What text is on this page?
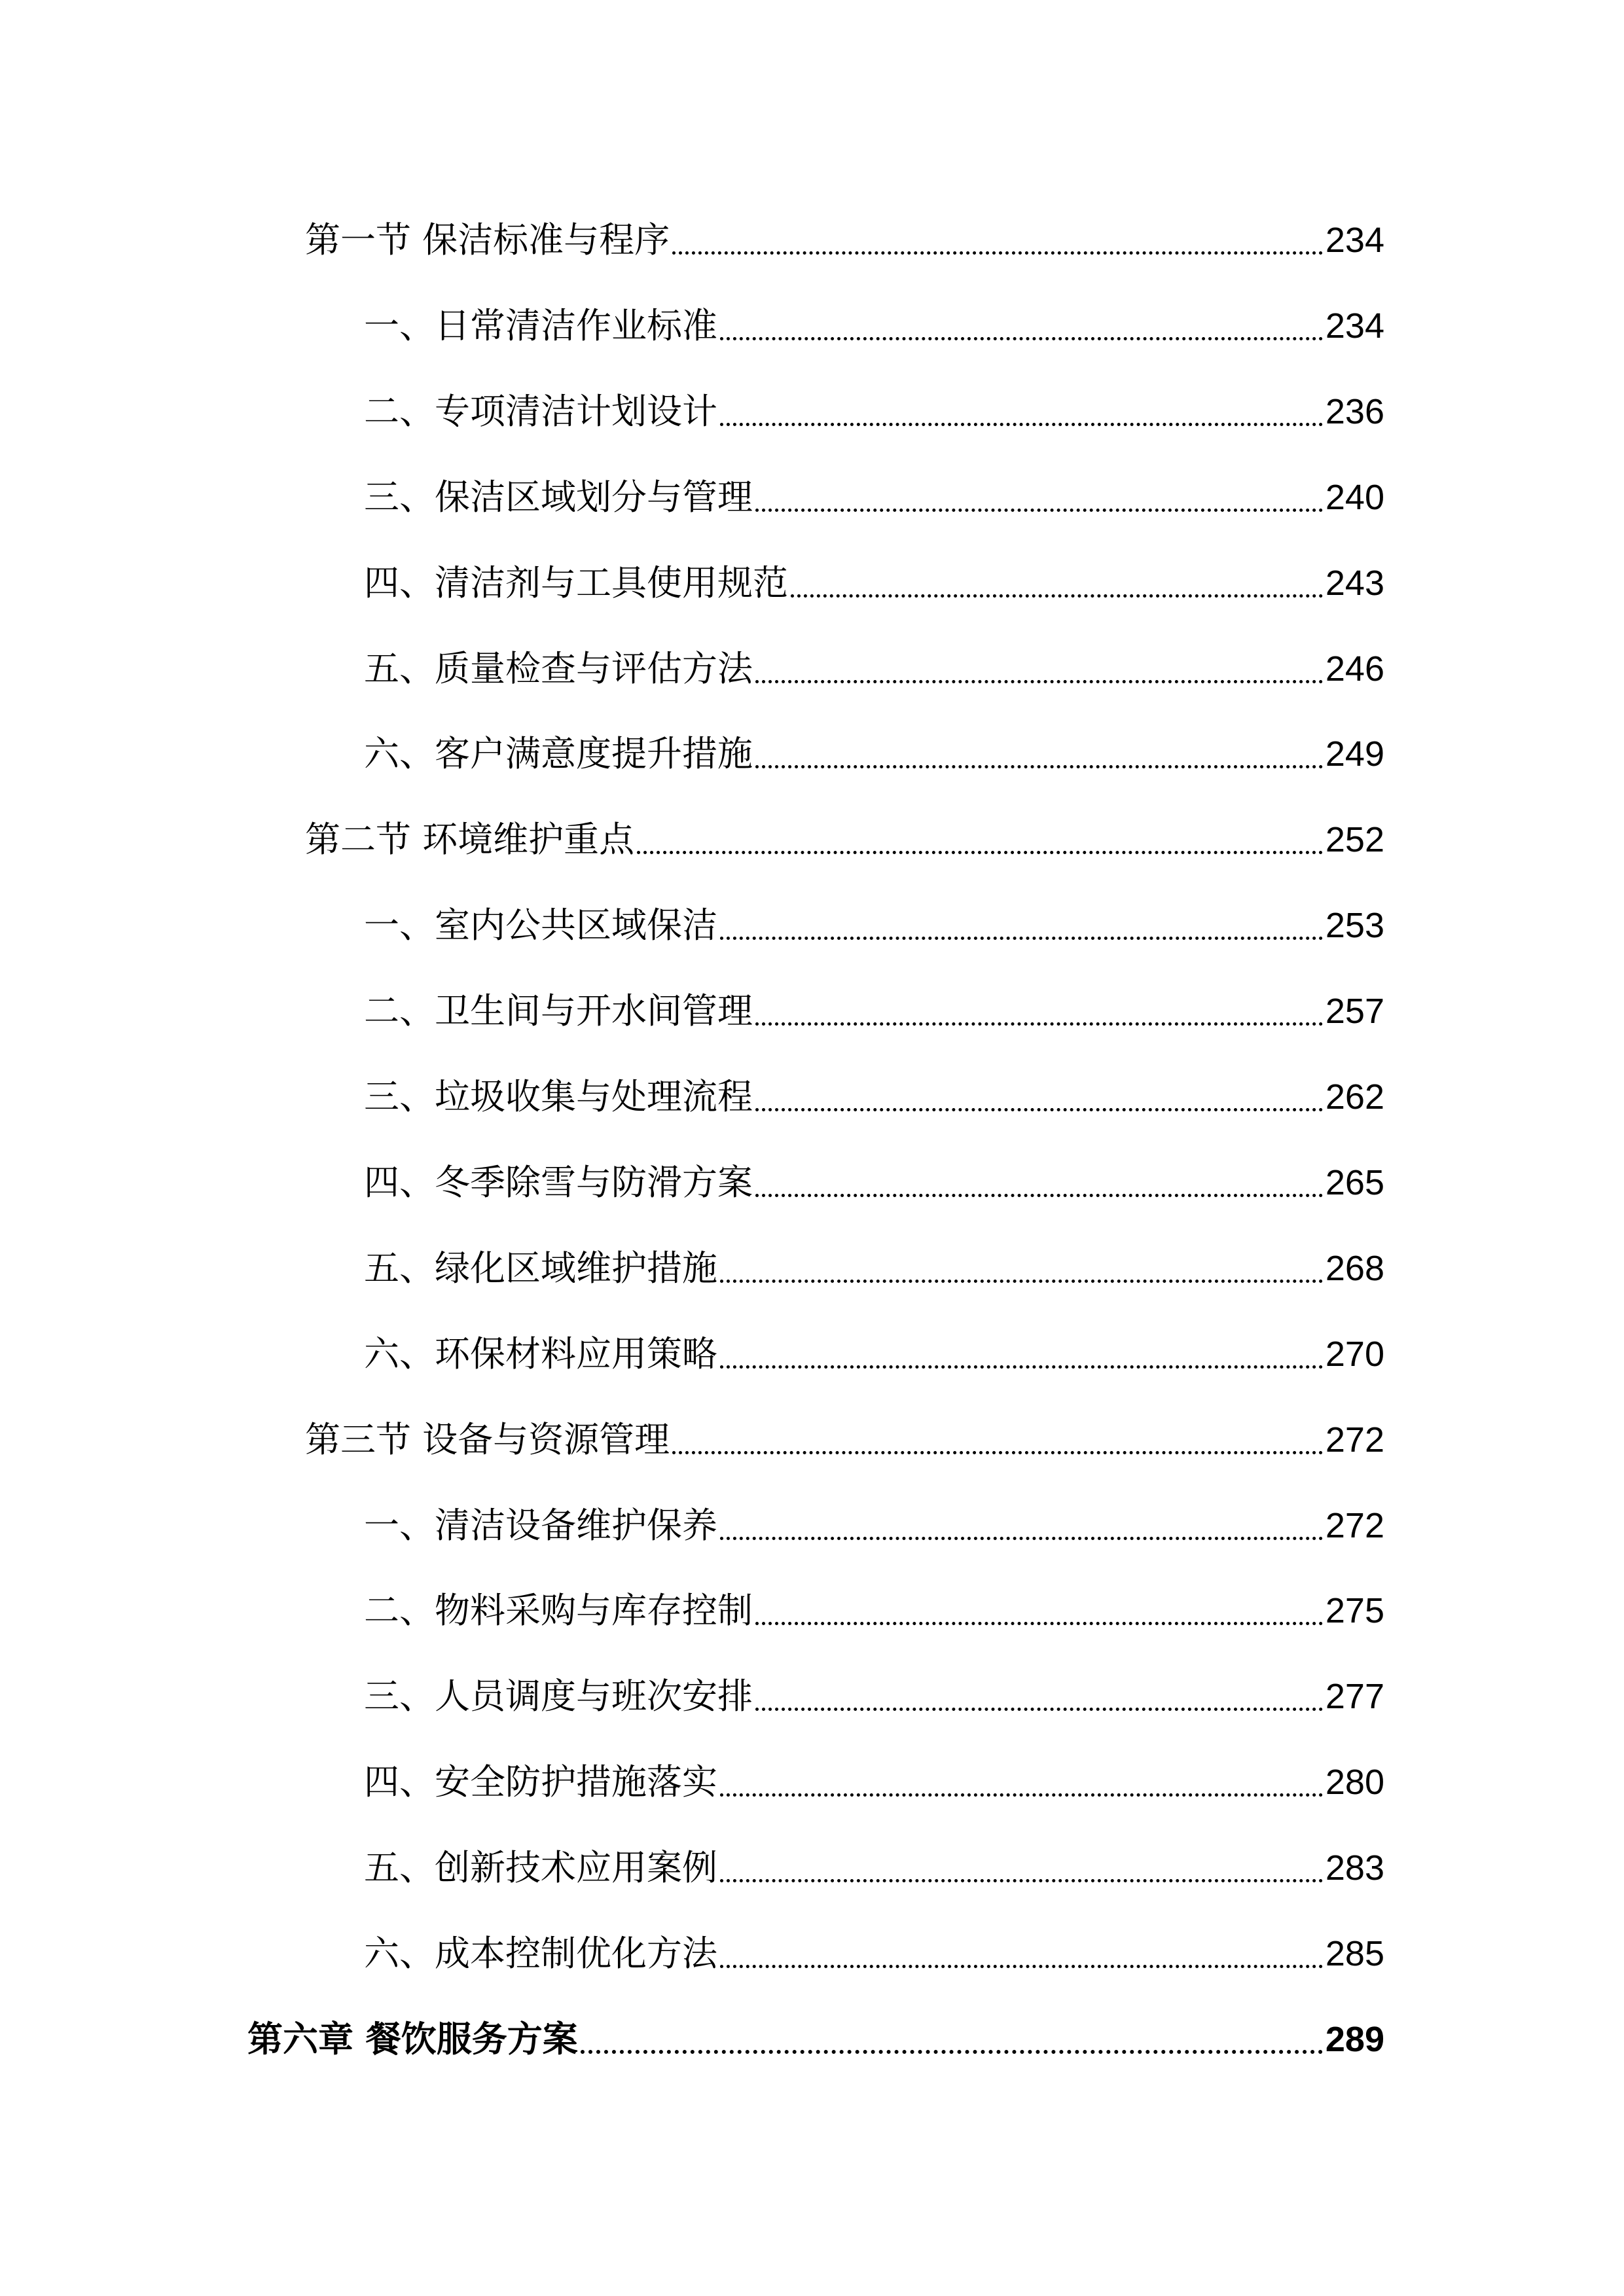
第一节 保洁标准与程序	234
一、日常清洁作业标准	234
二、专项清洁计划设计	236
三、保洁区域划分与管理	240
四、清洁剂与工具使用规范	243
五、质量检查与评估方法	246
六、客户满意度提升措施	249
第二节 环境维护重点	252
一、室内公共区域保洁	253
二、卫生间与开水间管理	257
三、垃圾收集与处理流程	262
四、冬季除雪与防滑方案	265
五、绿化区域维护措施	268
六、环保材料应用策略	270
第三节 设备与资源管理	272
一、清洁设备维护保养	272
二、物料采购与库存控制	275
三、人员调度与班次安排	277
四、安全防护措施落实	280
五、创新技术应用案例	283
六、成本控制优化方法	285
第六章 餐饮服务方案	289
